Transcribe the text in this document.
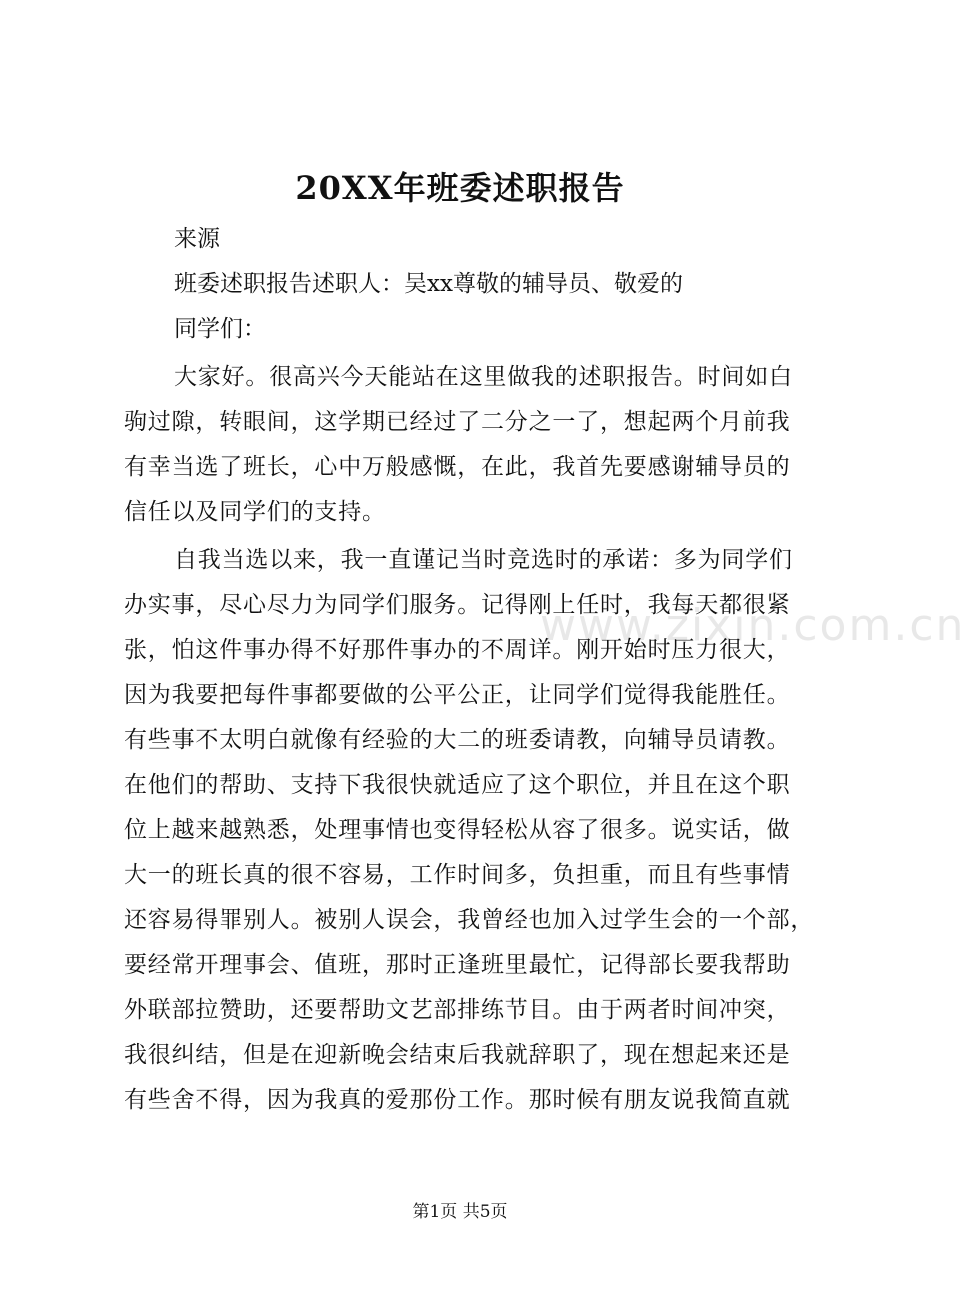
www.zixin.com.cn
20XX年班委述职报告
来源
班委述职报告述职人：吴xx尊敬的辅导员、敬爱的
同学们：
大家好。很高兴今天能站在这里做我的述职报告。时间如白
驹过隙，转眼间，这学期已经过了二分之一了，想起两个月前我
有幸当选了班长，心中万般感慨，在此，我首先要感谢辅导员的
信任以及同学们的支持。
自我当选以来，我一直谨记当时竞选时的承诺：多为同学们
办实事，尽心尽力为同学们服务。记得刚上任时，我每天都很紧
张，怕这件事办得不好那件事办的不周详。刚开始时压力很大，
因为我要把每件事都要做的公平公正，让同学们觉得我能胜任。
有些事不太明白就像有经验的大二的班委请教，向辅导员请教。
在他们的帮助、支持下我很快就适应了这个职位，并且在这个职
位上越来越熟悉，处理事情也变得轻松从容了很多。说实话，做
大一的班长真的很不容易，工作时间多，负担重，而且有些事情
还容易得罪别人。被别人误会，我曾经也加入过学生会的一个部，
要经常开理事会、值班，那时正逢班里最忙，记得部长要我帮助
外联部拉赞助，还要帮助文艺部排练节目。由于两者时间冲突，
我很纠结，但是在迎新晚会结束后我就辞职了，现在想起来还是
有些舍不得，因为我真的爱那份工作。那时候有朋友说我简直就
第1页 共5页
